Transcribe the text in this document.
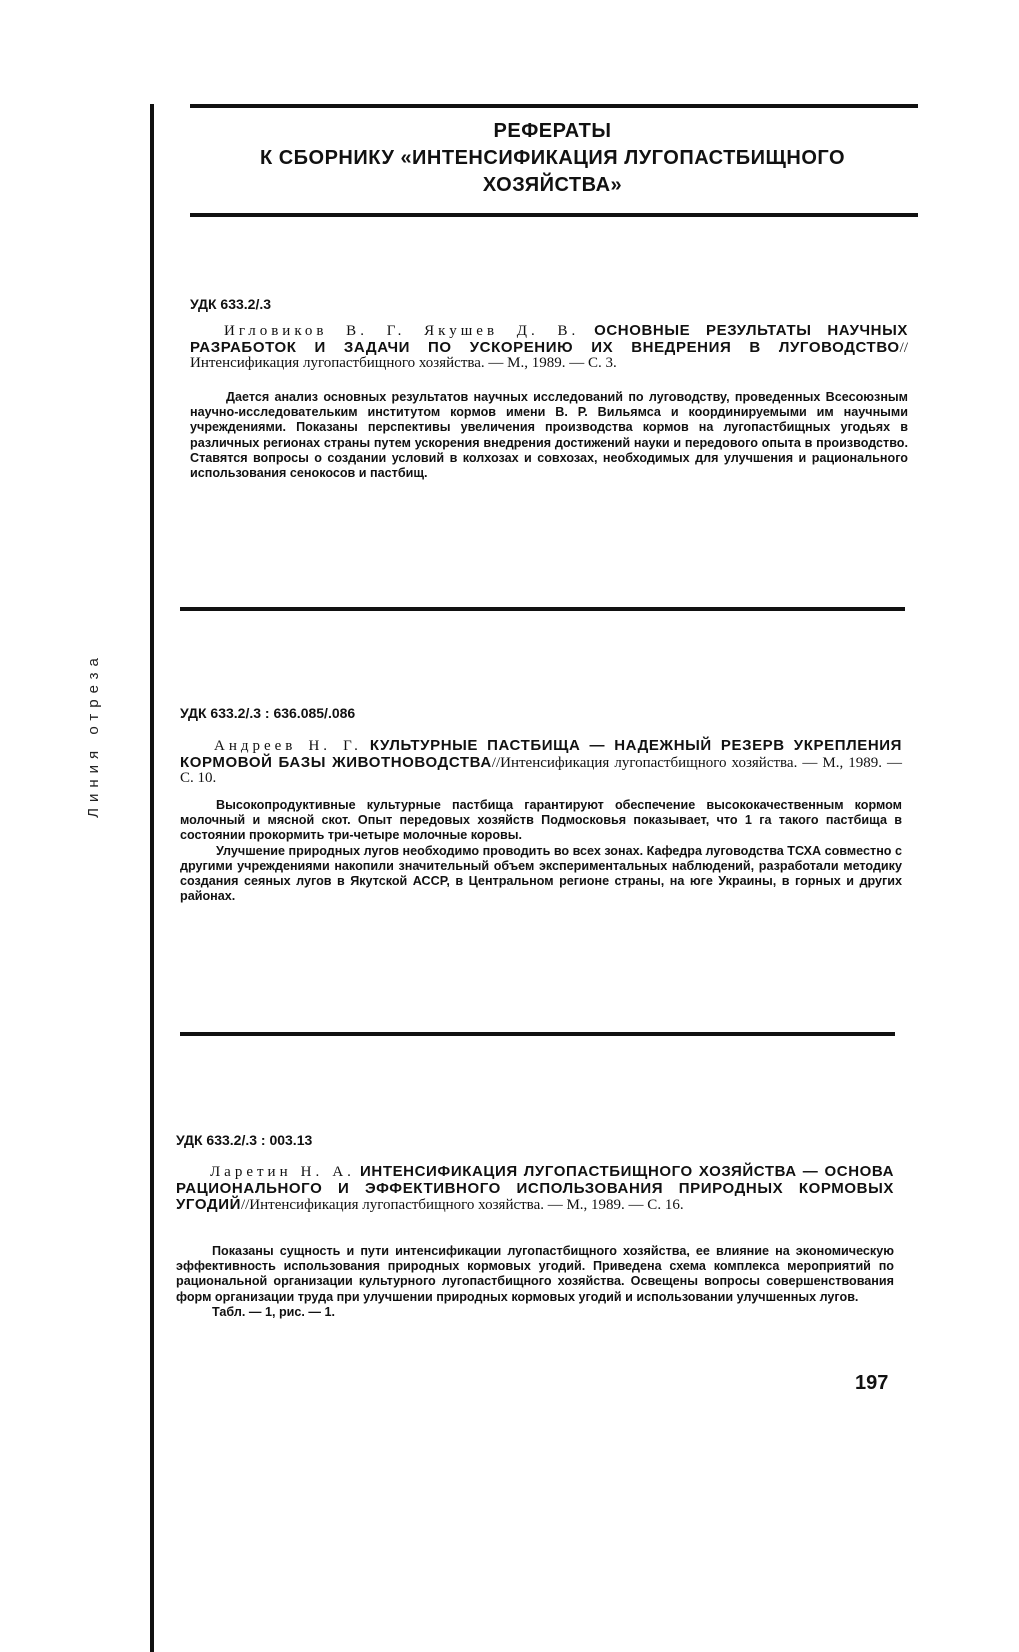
Линия отреза
РЕФЕРАТЫ
К СБОРНИКУ «ИНТЕНСИФИКАЦИЯ ЛУГОПАСТБИЩНОГО
ХОЗЯЙСТВА»
УДК 633.2/.3
Игловиков В. Г. Якушев Д. В. ОСНОВНЫЕ РЕЗУЛЬТАТЫ НАУЧНЫХ РАЗРАБОТОК И ЗАДАЧИ ПО УСКОРЕНИЮ ИХ ВНЕДРЕНИЯ В ЛУГОВОДСТВО//Интенсификация лугопастбищного хозяйства. — М., 1989. — С. 3.
Дается анализ основных результатов научных исследований по луговодству, проведенных Всесоюзным научно-исследовательким институтом кормов имени В. Р. Вильямса и координируемыми им научными учреждениями. Показаны перспективы увеличения производства кормов на лугопастбищных угодьях в различных регионах страны путем ускорения внедрения достижений науки и передового опыта в производство. Ставятся вопросы о создании условий в колхозах и совхозах, необходимых для улучшения и рационального использования сенокосов и пастбищ.
УДК 633.2/.3 : 636.085/.086
Андреев Н. Г. КУЛЬТУРНЫЕ ПАСТБИЩА — НАДЕЖНЫЙ РЕЗЕРВ УКРЕПЛЕНИЯ КОРМОВОЙ БАЗЫ ЖИВОТНОВОДСТВА//Интенсификация лугопастбищного хозяйства. — М., 1989. — С. 10.

Высокопродуктивные культурные пастбища гарантируют обеспечение высококачественным кормом молочный и мясной скот. Опыт передовых хозяйств Подмосковья показывает, что 1 га такого пастбища в состоянии прокормить три-четыре молочные коровы.

Улучшение природных лугов необходимо проводить во всех зонах. Кафедра луговодства ТСХА совместно с другими учреждениями накопили значительный объем экспериментальных наблюдений, разработали методику создания сеяных лугов в Якутской АССР, в Центральном регионе страны, на юге Украины, в горных и других районах.

УДК 633.2/.3 : 003.13
Ларетин Н. А. ИНТЕНСИФИКАЦИЯ ЛУГОПАСТБИЩНОГО ХОЗЯЙСТВА — ОСНОВА РАЦИОНАЛЬНОГО И ЭФФЕКТИВНОГО ИСПОЛЬЗОВАНИЯ ПРИРОДНЫХ КОРМОВЫХ УГОДИЙ//Интенсификация лугопастбищного хозяйства. — М., 1989. — С. 16.

Показаны сущность и пути интенсификации лугопастбищного хозяйства, ее влияние на экономическую эффективность использования природных кормовых угодий. Приведена схема комплекса мероприятий по рациональной организации культурного лугопастбищного хозяйства. Освещены вопросы совершенствования форм организации труда при улучшении природных кормовых угодий и использовании улучшенных лугов.

Табл. — 1, рис. — 1.

197
